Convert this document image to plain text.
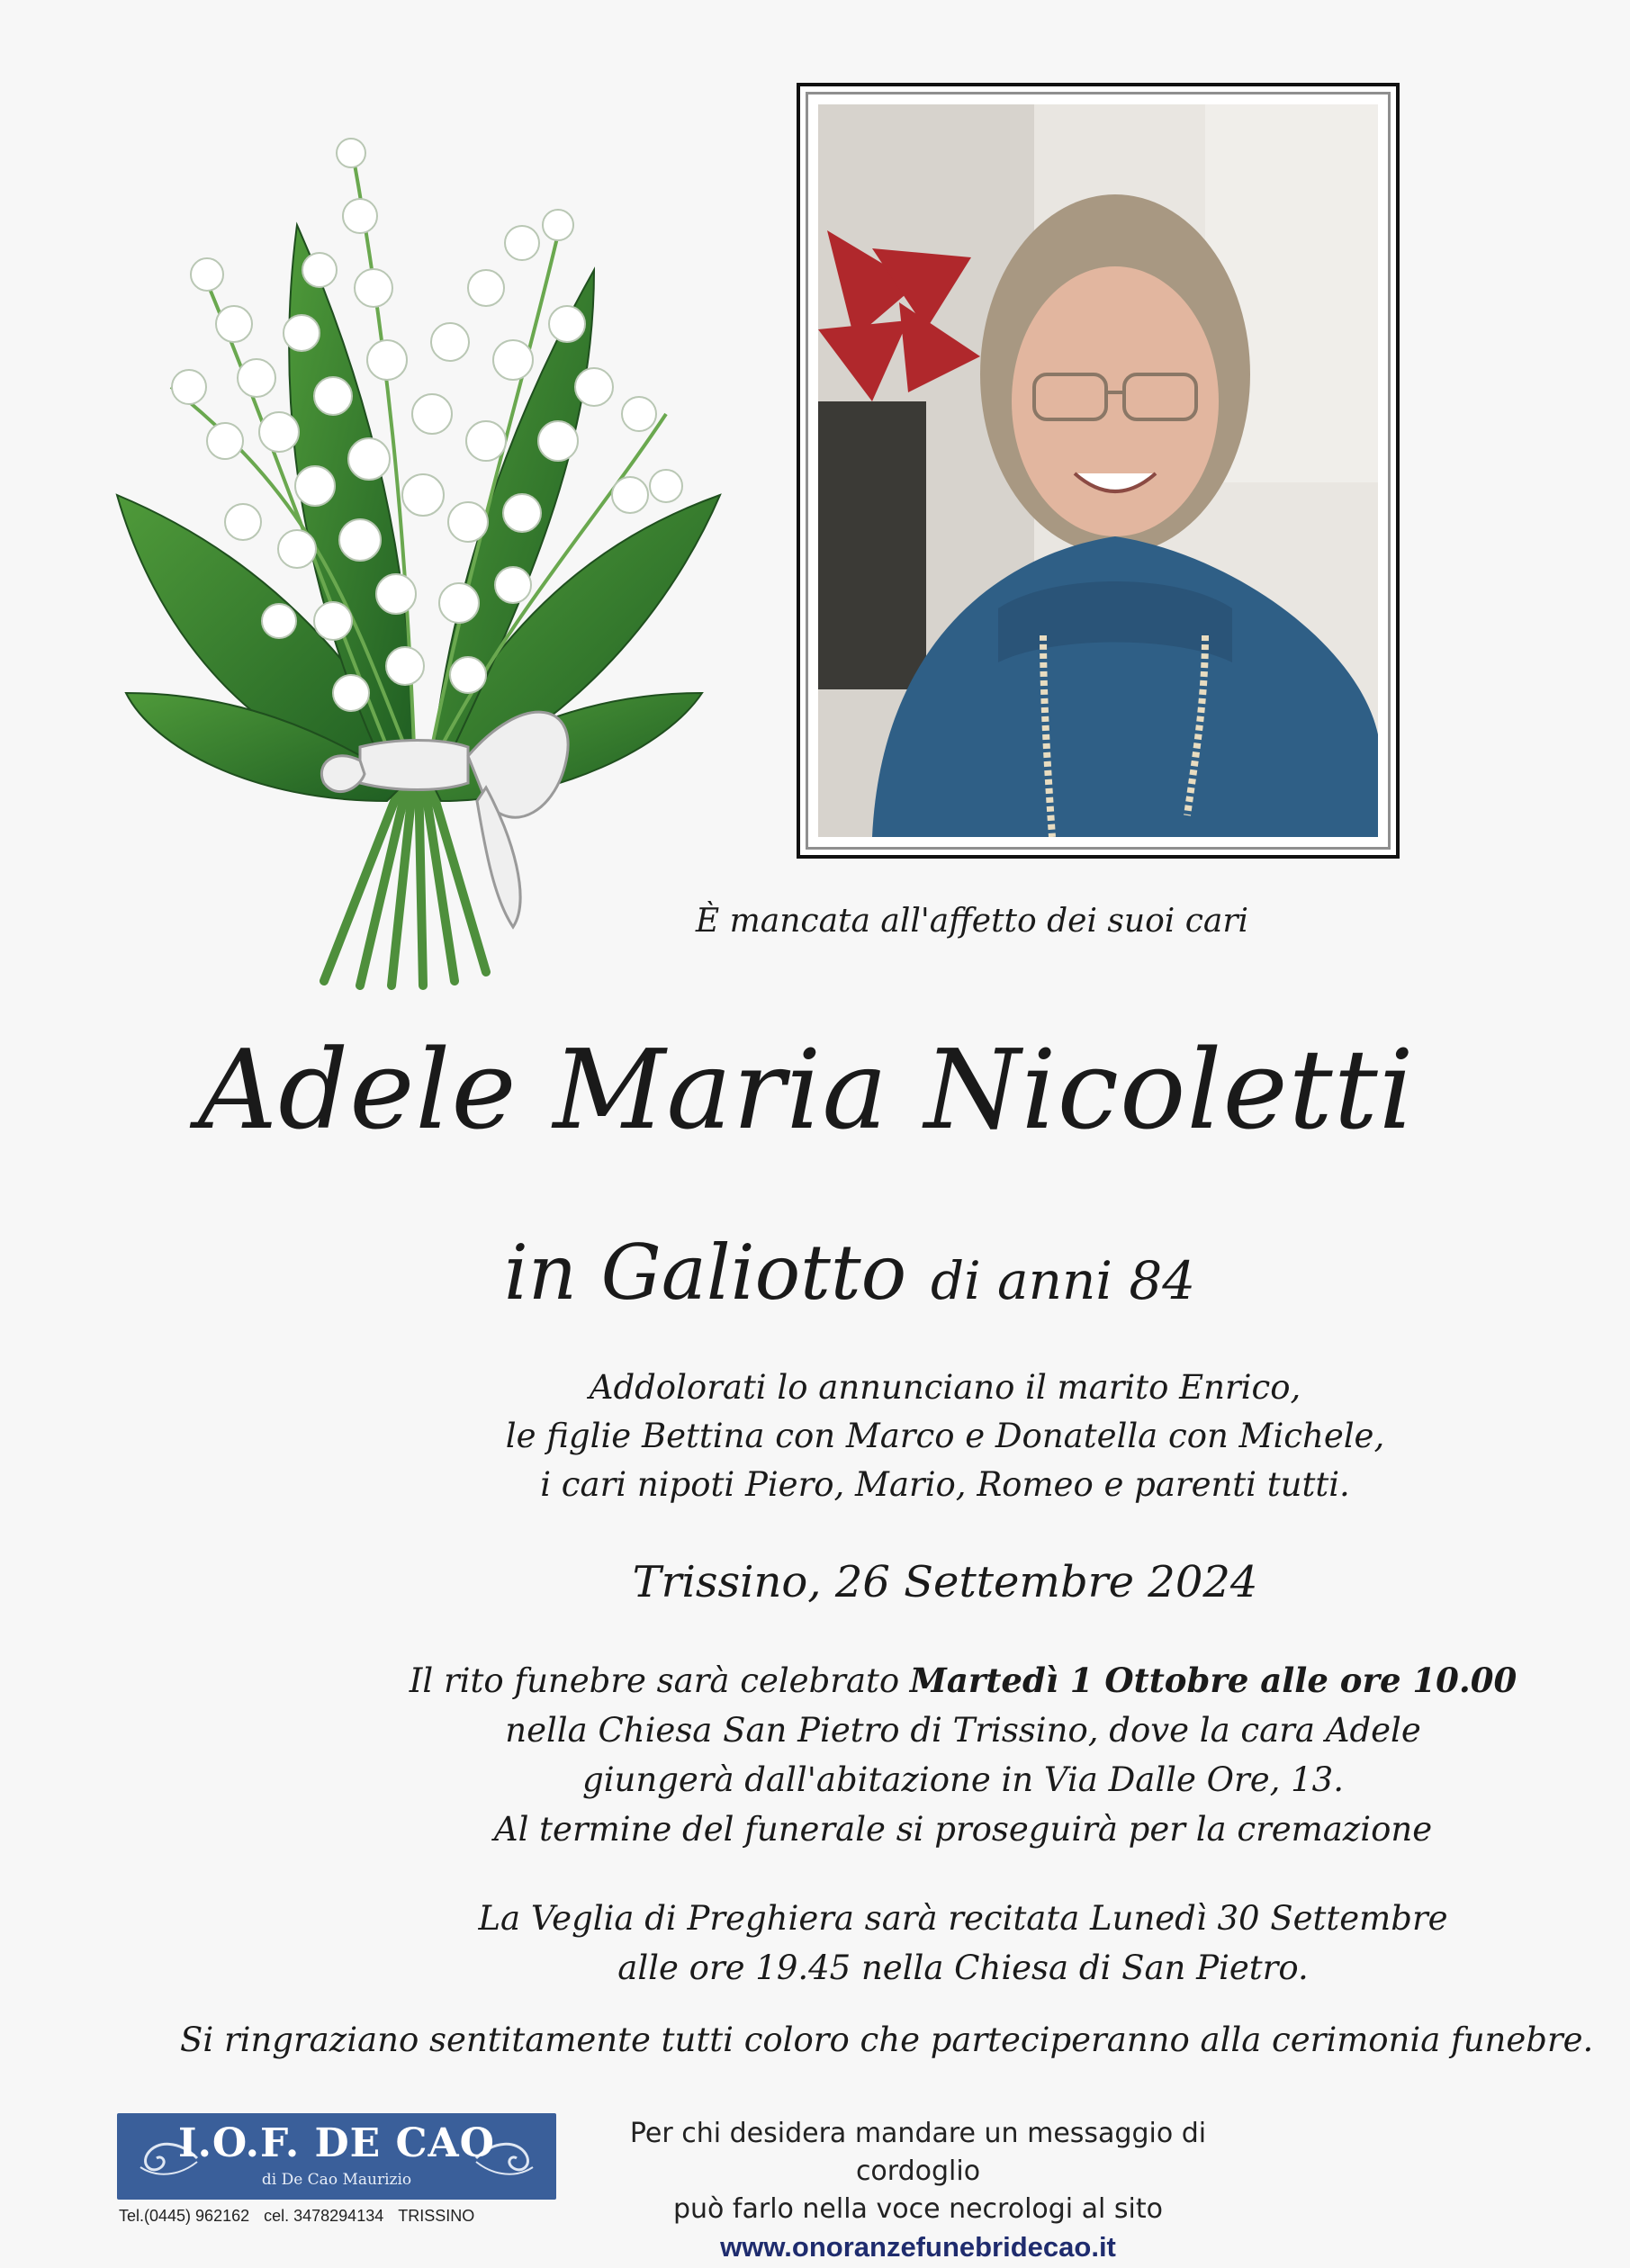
È mancata all'affetto dei suoi cari
Adele Maria Nicoletti
in Galiotto di anni 84
Addolorati lo annunciano il marito Enrico,
le figlie Bettina con Marco e Donatella con Michele,
i cari nipoti Piero, Mario, Romeo e parenti tutti.
Trissino, 26 Settembre 2024
Il rito funebre sarà celebrato Martedì 1 Ottobre alle ore 10.00
nella Chiesa San Pietro di Trissino, dove la cara Adele
giungerà dall'abitazione in Via Dalle Ore, 13.
Al termine del funerale si proseguirà per la cremazione
La Veglia di Preghiera sarà recitata Lunedì 30 Settembre
alle ore 19.45 nella Chiesa di San Pietro.
Si ringraziano sentitamente tutti coloro che parteciperanno alla cerimonia funebre.
I.O.F. DE CAO
di De Cao Maurizio
Tel.(0445) 962162 cel. 3478294134 TRISSINO
Per chi desidera mandare un messaggio di cordoglio
può farlo nella voce necrologi al sito
www.onoranzefunebridecao.it
